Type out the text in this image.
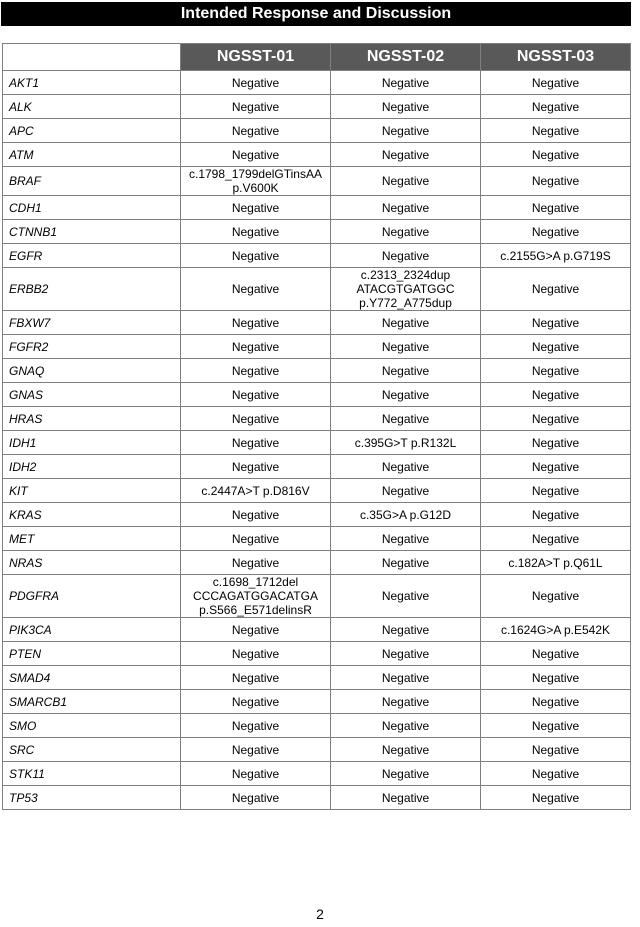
Intended Response and Discussion
	NGSST-01	NGSST-02	NGSST-03
AKT1	Negative	Negative	Negative

ALK	Negative	Negative	Negative

APC	Negative	Negative	Negative

ATM	Negative	Negative	Negative

BRAF	c.1798_1799delGTinsAA
p.V600K	Negative	Negative

CDH1	Negative	Negative	Negative

CTNNB1	Negative	Negative	Negative

EGFR	Negative	Negative	c.2155G>A p.G719S

ERBB2	Negative	c.2313_2324dup
ATACGTGATGGC
p.Y772_A775dup	Negative

FBXW7	Negative	Negative	Negative

FGFR2	Negative	Negative	Negative

GNAQ	Negative	Negative	Negative

GNAS	Negative	Negative	Negative

HRAS	Negative	Negative	Negative

IDH1	Negative	c.395G>T p.R132L	Negative

IDH2	Negative	Negative	Negative

KIT	c.2447A>T p.D816V	Negative	Negative

KRAS	Negative	c.35G>A p.G12D	Negative

MET	Negative	Negative	Negative

NRAS	Negative	Negative	c.182A>T p.Q61L

PDGFRA	c.1698_1712del
CCCAGATGGACATGA
p.S566_E571delinsR	Negative	Negative

PIK3CA	Negative	Negative	c.1624G>A p.E542K

PTEN	Negative	Negative	Negative

SMAD4	Negative	Negative	Negative

SMARCB1	Negative	Negative	Negative

SMO	Negative	Negative	Negative

SRC	Negative	Negative	Negative

STK11	Negative	Negative	Negative

TP53	Negative	Negative	Negative
2
